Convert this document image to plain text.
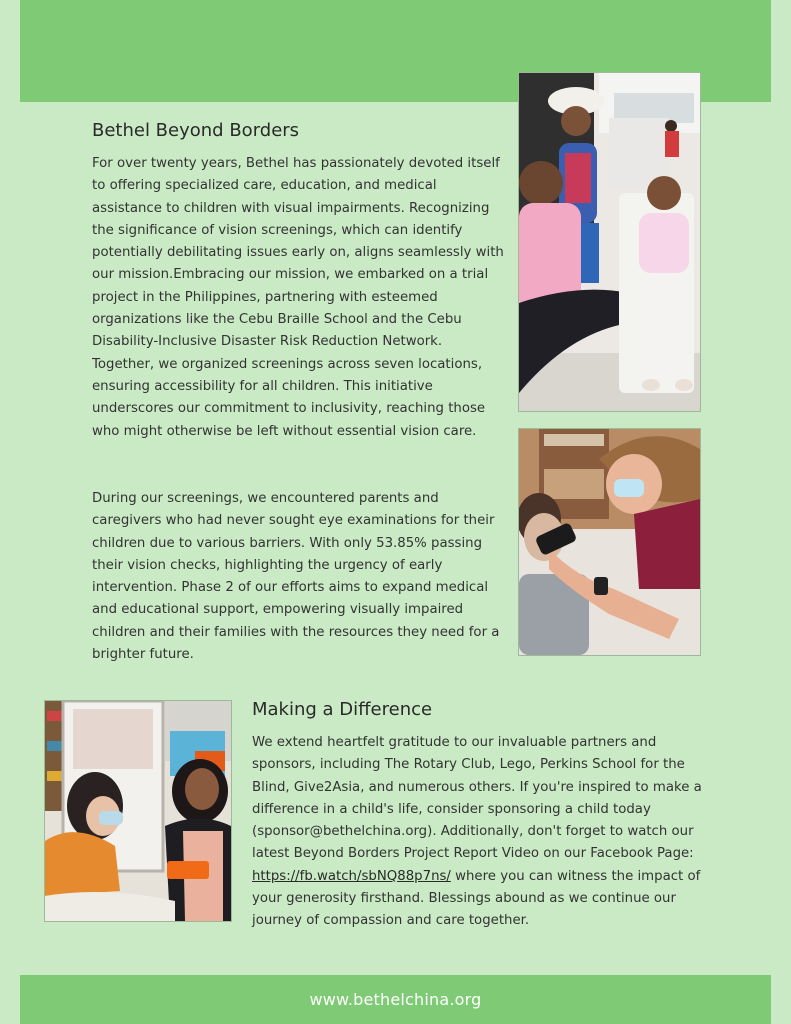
Bethel Beyond Borders

For over twenty years, Bethel has passionately devoted itself to offering specialized care, education, and medical assistance to children with visual impairments. Recognizing the significance of vision screenings, which can identify potentially debilitating issues early on, aligns seamlessly with our mission.Embracing our mission, we embarked on a trial project in the Philippines, partnering with esteemed organizations like the Cebu Braille School and the Cebu Disability-Inclusive Disaster Risk Reduction Network. Together, we organized screenings across seven locations, ensuring accessibility for all children. This initiative underscores our commitment to inclusivity, reaching those who might otherwise be left without essential vision care.

During our screenings, we encountered parents and caregivers who had never sought eye examinations for their children due to various barriers. With only 53.85% passing their vision checks, highlighting the urgency of early intervention. Phase 2 of our efforts aims to expand medical and educational support, empowering visually impaired children and their families with the resources they need for a brighter future.

Making a Difference

We extend heartfelt gratitude to our invaluable partners and sponsors, including The Rotary Club, Lego, Perkins School for the Blind, Give2Asia, and numerous others. If you're inspired to make a difference in a child's life, consider sponsoring a child today (sponsor@bethelchina.org). Additionally, don't forget to watch our latest Beyond Borders Project Report Video on our Facebook Page: https://fb.watch/sbNQ88p7ns/ where you can witness the impact of your generosity firsthand. Blessings abound as we continue our journey of compassion and care together.

www.bethelchina.org
